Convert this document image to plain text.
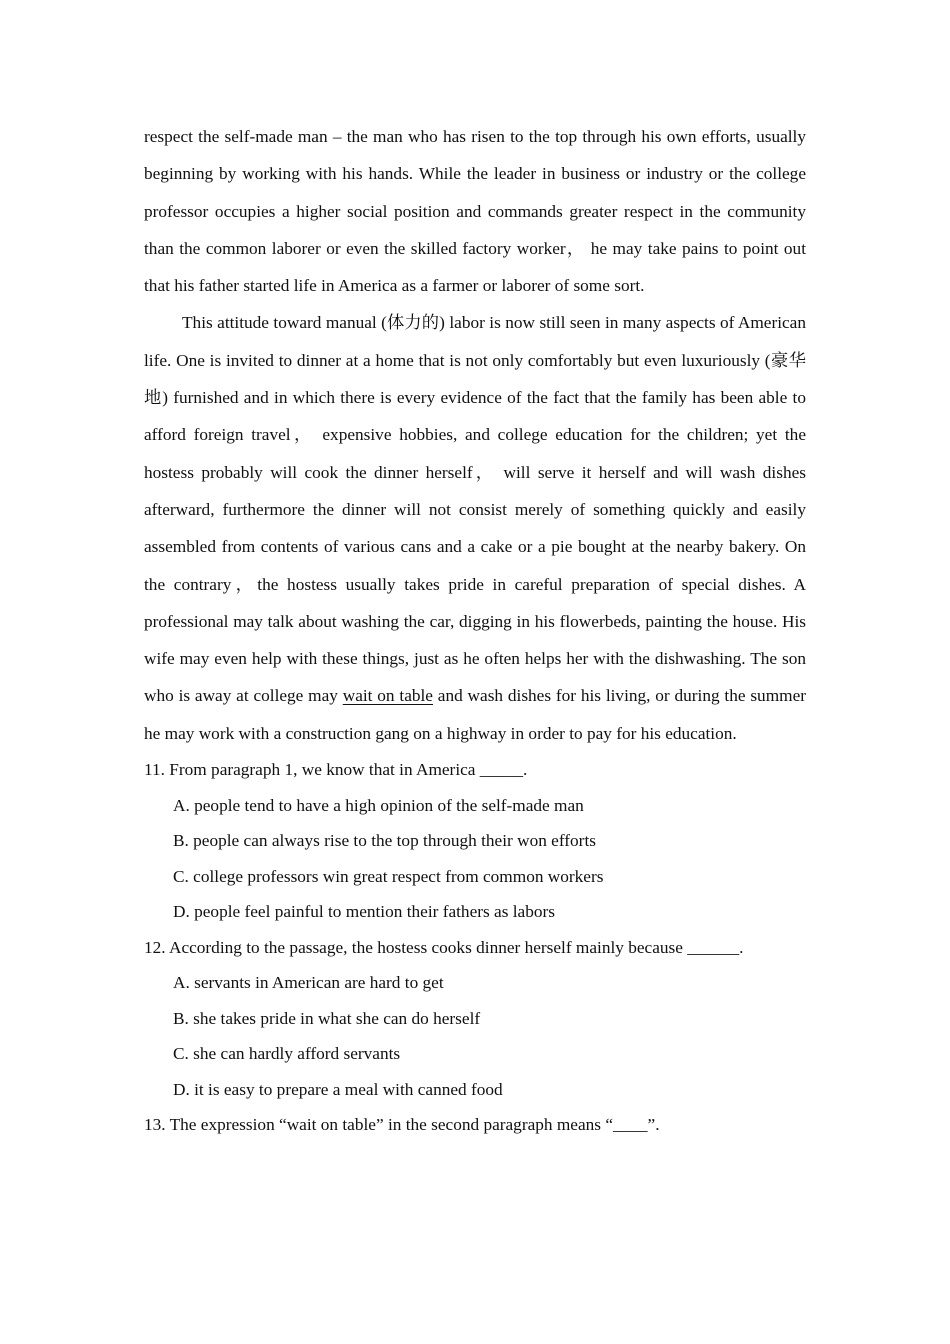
respect the self-made man – the man who has risen to the top through his own efforts, usually beginning by working with his hands. While the leader in business or industry or the college professor occupies a higher social position and commands greater respect in the community than the common laborer or even the skilled factory worker， he may take pains to point out that his father started life in America as a farmer or laborer of some sort.

This attitude toward manual (体力的) labor is now still seen in many aspects of American life. One is invited to dinner at a home that is not only comfortably but even luxuriously (豪华地) furnished and in which there is every evidence of the fact that the family has been able to afford foreign travel， expensive hobbies, and college education for the children; yet the hostess probably will cook the dinner herself， will serve it herself and will wash dishes afterward, furthermore the dinner will not consist merely of something quickly and easily assembled from contents of various cans and a cake or a pie bought at the nearby bakery. On the contrary，the hostess usually takes pride in careful preparation of special dishes. A professional may talk about washing the car, digging in his flowerbeds, painting the house. His wife may even help with these things, just as he often helps her with the dishwashing. The son who is away at college may wait on table and wash dishes for his living, or during the summer he may work with a construction gang on a highway in order to pay for his education.

11. From paragraph 1, we know that in America _____.

A. people tend to have a high opinion of the self-made man

B. people can always rise to the top through their won efforts

C. college professors win great respect from common workers

D. people feel painful to mention their fathers as labors

12. According to the passage, the hostess cooks dinner herself mainly because ______.

A. servants in American are hard to get

B. she takes pride in what she can do herself

C. she can hardly afford servants

D. it is easy to prepare a meal with canned food

13. The expression “wait on table” in the second paragraph means “____”.
